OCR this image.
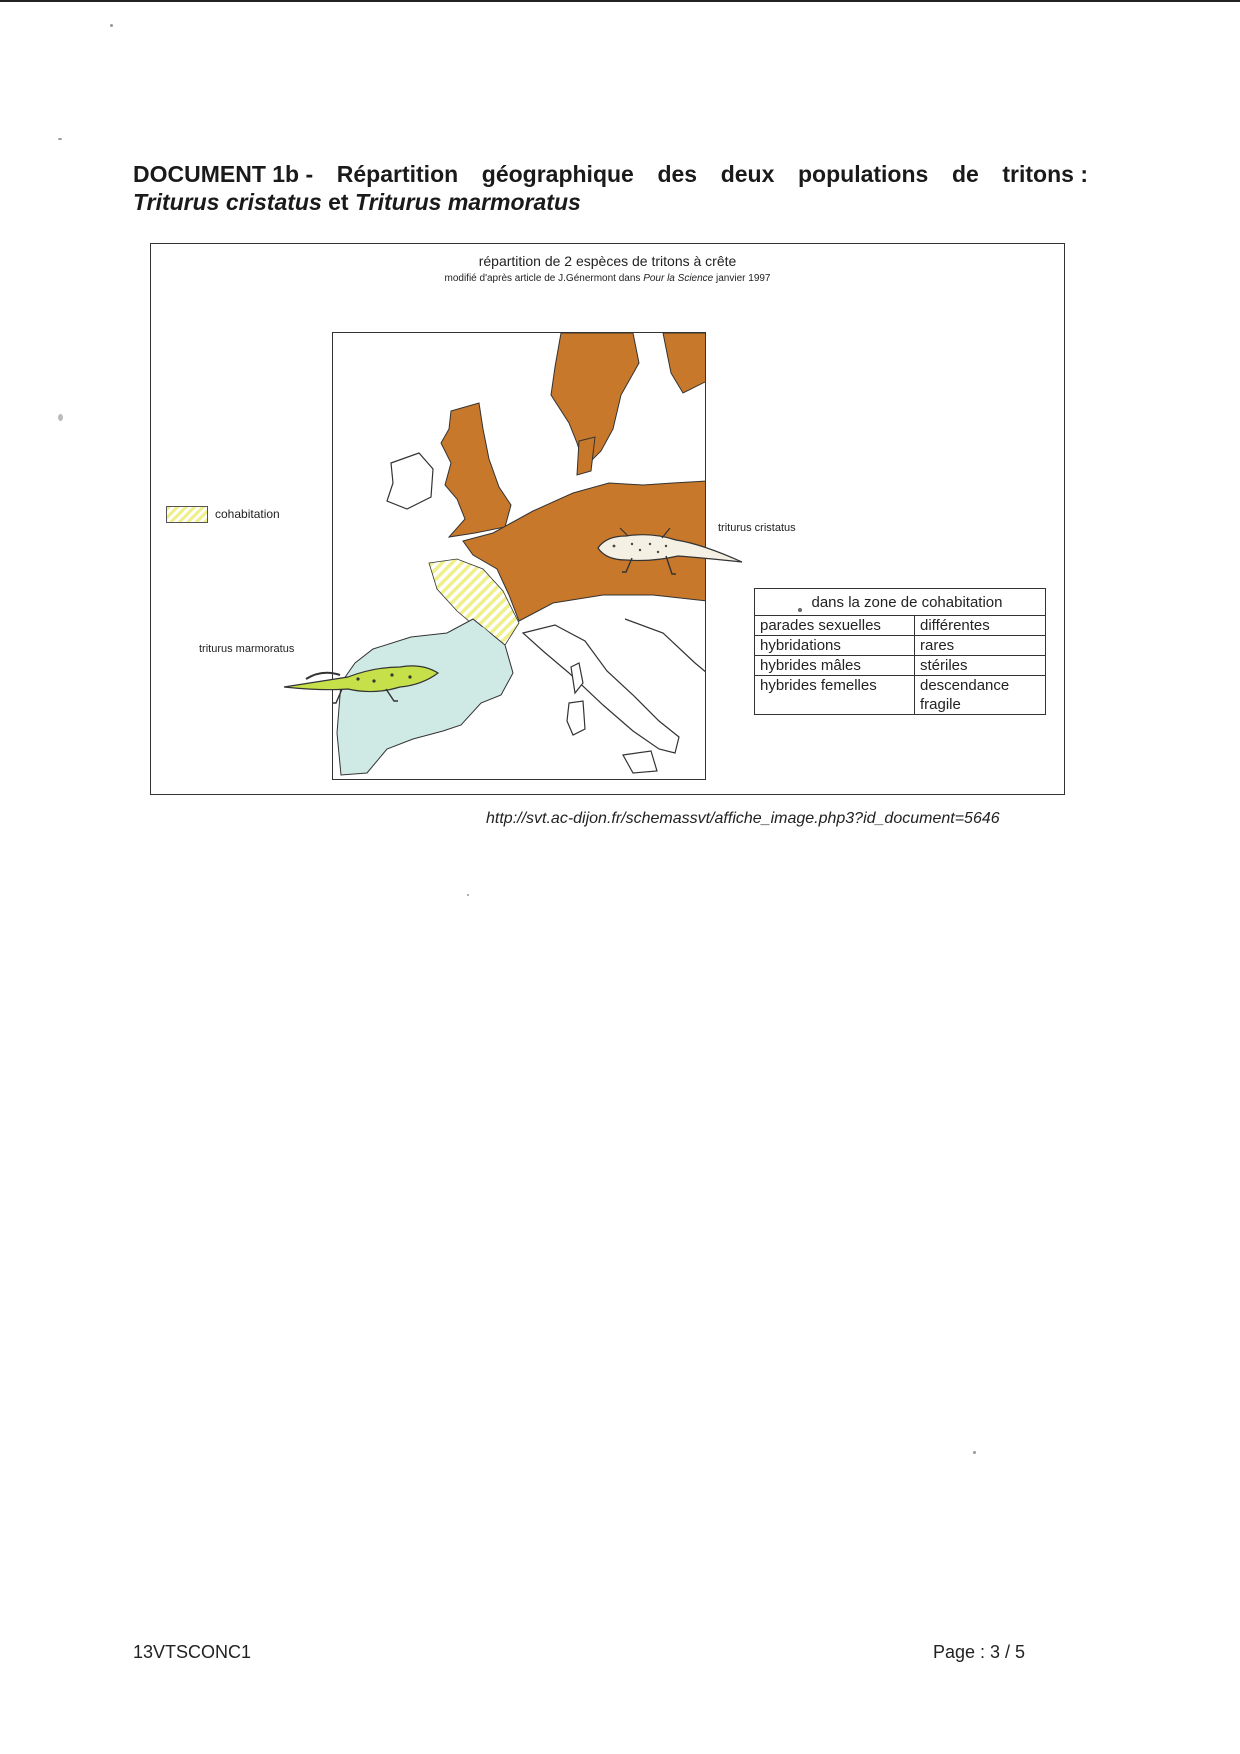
DOCUMENT 1b - Répartition géographique des deux populations de tritons :
Triturus cristatus et Triturus marmoratus
répartition de 2 espèces de tritons à crête
modifié d'après article de J.Génermont dans Pour la Science janvier 1997
cohabitation
triturus cristatus
triturus marmoratus
dans la zone de cohabitation	
parades sexuelles	différentes
hybridations	rares
hybrides mâles	stériles
hybrides femelles	descendance fragile
http://svt.ac-dijon.fr/schemassvt/affiche_image.php3?id_document=5646
13VTSCONC1	Page : 3 / 5
